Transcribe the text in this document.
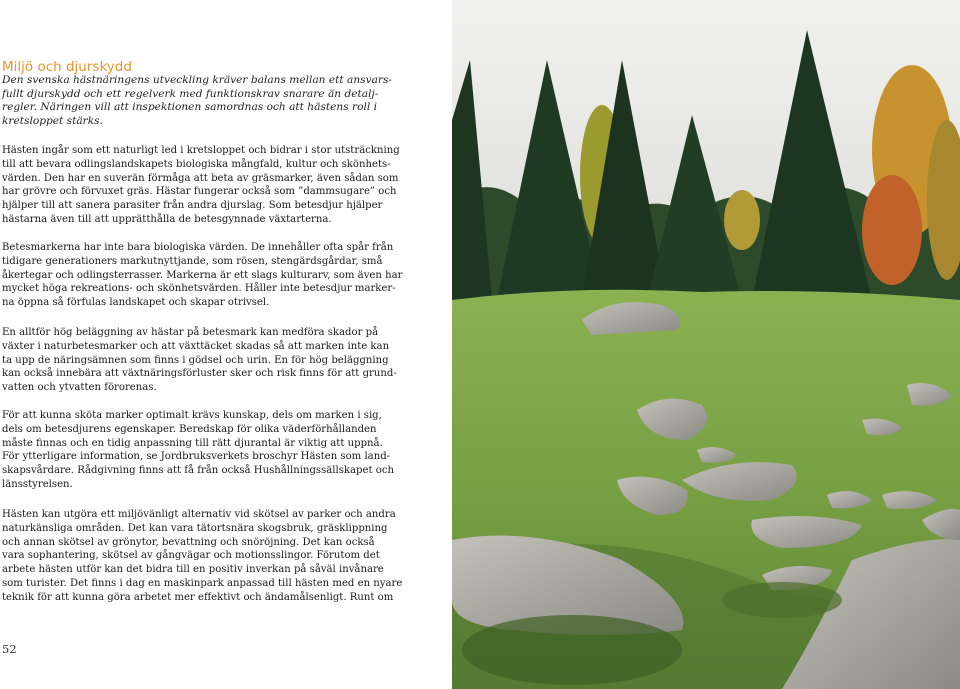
Miljö och djurskydd

Den svenska hästnäringens utveckling kräver balans mellan ett ansvars-
fullt djurskydd och ett regelverk med funktionskrav snarare än detalj-
regler. Näringen vill att inspektionen samordnas och att hästens roll i
kretsloppet stärks.

Hästen ingår som ett naturligt led i kretsloppet och bidrar i stor utsträckning
till att bevara odlingslandskapets biologiska mångfald, kultur och skönhets-
värden. Den har en suverän förmåga att beta av gräsmarker, även sådan som
har grövre och förvuxet gräs. Hästar fungerar också som ”dammsugare” och
hjälper till att sanera parasiter från andra djurslag. Som betesdjur hjälper
hästarna även till att upprätthålla de betesgynnade växtarterna.

Betesmarkerna har inte bara biologiska värden. De innehåller ofta spår från
tidigare generationers markutnyttjande, som rösen, stengärdsgårdar, små
åkertegar och odlingsterrasser. Markerna är ett slags kulturarv, som även har
mycket höga rekreations- och skönhetsvärden. Håller inte betesdjur marker-
na öppna så förfulas landskapet och skapar otrivsel.

En alltför hög beläggning av hästar på betesmark kan medföra skador på
växter i naturbetesmarker och att växttäcket skadas så att marken inte kan
ta upp de näringsämnen som finns i gödsel och urin. En för hög beläggning
kan också innebära att växtnäringsförluster sker och risk finns för att grund-
vatten och ytvatten förorenas.

För att kunna sköta marker optimalt krävs kunskap, dels om marken i sig,
dels om betesdjurens egenskaper. Beredskap för olika väderförhållanden
måste finnas och en tidig anpassning till rätt djurantal är viktig att uppnå.
För ytterligare information, se Jordbruksverkets broschyr Hästen som land-
skapsvårdare. Rådgivning finns att få från också Hushållningssällskapet och
länsstyrelsen.

Hästen kan utgöra ett miljövänligt alternativ vid skötsel av parker och andra
naturkänsliga områden. Det kan vara tätortsnära skogsbruk, gräsklippning
och annan skötsel av grönytor, bevattning och snöröjning. Det kan också
vara sophantering, skötsel av gångvägar och motionsslingor. Förutom det
arbete hästen utför kan det bidra till en positiv inverkan på såväl invånare
som turister. Det finns i dag en maskinpark anpassad till hästen med en nyare
teknik för att kunna göra arbetet mer effektivt och ändamålsenligt. Runt om

52
